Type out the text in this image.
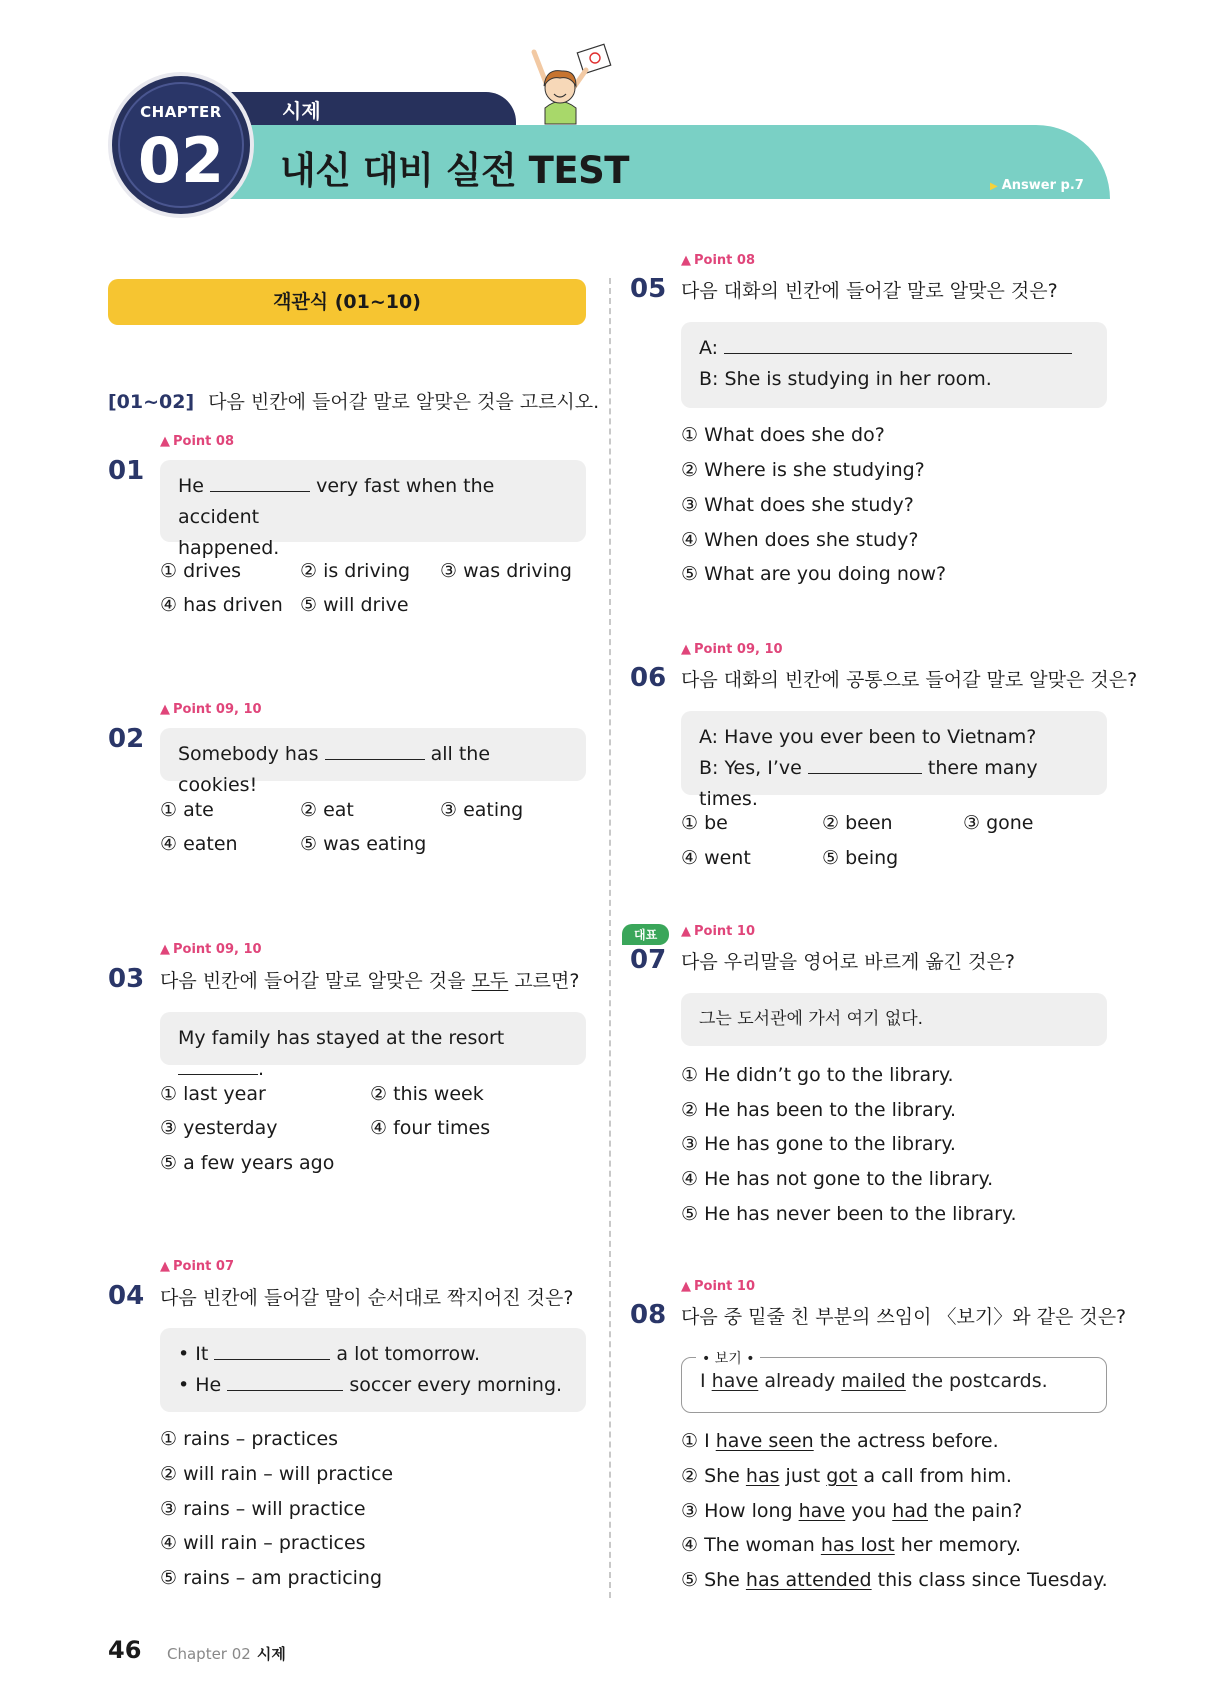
시제
내신 대비 실전 TEST	▶ Answer p.7
CHAPTER
02
객관식 (01~10)
[01~02] 다음 빈칸에 들어갈 말로 알맞은 것을 고르시오.
▲ Point 08
01 He	very fast when the accident
happened.
① drives	② is driving ③ was driving
④ has driven ⑤ will drive
▲ Point 09, 10
02	Somebody has	all the cookies!
① ate	② eat	③ eating
④ eaten	⑤ was eating
▲ Point 09, 10
03 다음 빈칸에 들어갈 말로 알맞은 것을 모두 고르면?
My family has stayed at the resort .
① last year	② this week
③ yesterday	④ four times
⑤ a few years ago
▲ Point 07
04 다음 빈칸에 들어갈 말이 순서대로 짝지어진 것은?
• It	a lot tomorrow.
• He	soccer every morning.
① rains – practices
② will rain – will practice
③ rains – will practice
④ will rain – practices
⑤ rains – am practicing
▲ Point 08
05 다음 대화의 빈칸에 들어갈 말로 알맞은 것은?
A:
B: She is studying in her room.
① What does she do?
② Where is she studying?
③ What does she study?
④ When does she study?
⑤ What are you doing now?
▲ Point 09, 10
06 다음 대화의 빈칸에 공통으로 들어갈 말로 알맞은 것은?
A: Have you ever been to Vietnam?
B: Yes, I’ve	there many times.
① be	② been	③ gone
④ went	⑤ being
대표	▲ Point 10
07 다음 우리말을 영어로 바르게 옮긴 것은?
그는 도서관에 가서 여기 없다.
① He didn’t go to the library.
② He has been to the library.
③ He has gone to the library.
④ He has not gone to the library.
⑤ He has never been to the library.
▲ Point 10
08 다음 중 밑줄 친 부분의 쓰임이 〈보기〉와 같은 것은?
I have already mailed the postcards.
• 보기 •
① I have seen the actress before.
② She has just got a call from him.
③ How long have you had the pain?
④ The woman has lost her memory.
⑤ She has attended this class since Tuesday.
46 Chapter 02 시제
